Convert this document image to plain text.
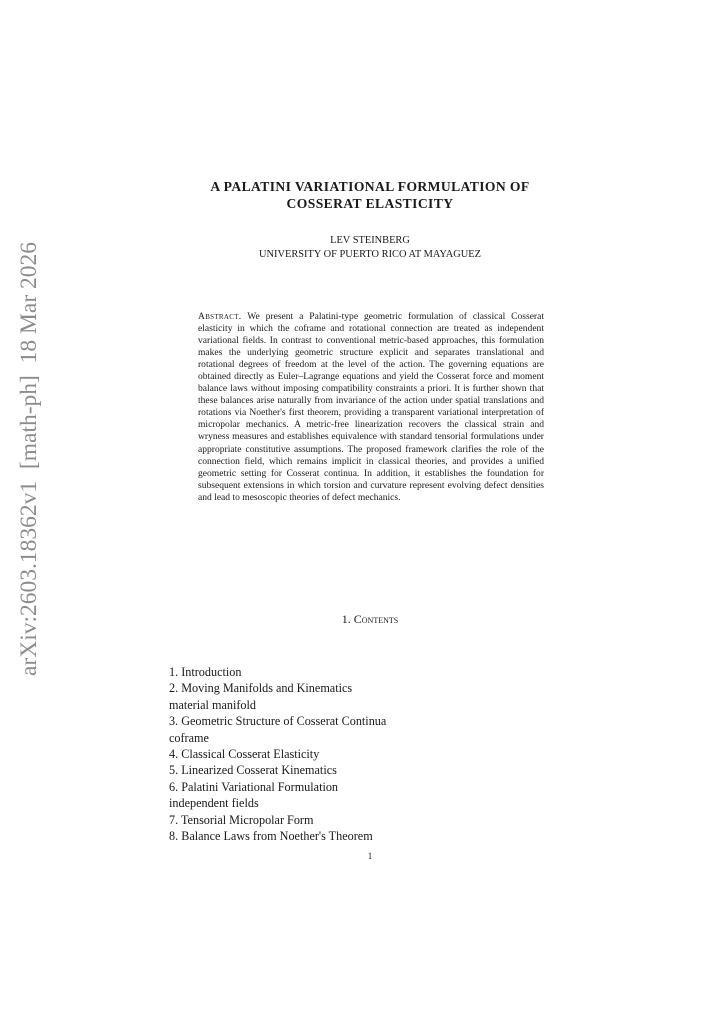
arXiv:2603.18362v1  [math-ph]  18 Mar 2026
A PALATINI VARIATIONAL FORMULATION OF
COSSERAT ELASTICITY
LEV STEINBERG
UNIVERSITY OF PUERTO RICO AT MAYAGUEZ
Abstract. We present a Palatini-type geometric formulation of classical Cosserat elasticity in which the coframe and rotational connection are treated as independent variational fields. In contrast to conventional metric-based approaches, this formulation makes the underlying geometric structure explicit and separates translational and rotational degrees of freedom at the level of the action. The governing equations are obtained directly as Euler–Lagrange equations and yield the Cosserat force and moment balance laws without imposing compatibility constraints a priori. It is further shown that these balances arise naturally from invariance of the action under spatial translations and rotations via Noether's first theorem, providing a transparent variational interpretation of micropolar mechanics. A metric-free linearization recovers the classical strain and wryness measures and establishes equivalence with standard tensorial formulations under appropriate constitutive assumptions. The proposed framework clarifies the role of the connection field, which remains implicit in classical theories, and provides a unified geometric setting for Cosserat continua. In addition, it establishes the foundation for subsequent extensions in which torsion and curvature represent evolving defect densities and lead to mesoscopic theories of defect mechanics.
1. Contents
1. Introduction
2. Moving Manifolds and Kinematics
material manifold
3. Geometric Structure of Cosserat Continua
coframe
4. Classical Cosserat Elasticity
5. Linearized Cosserat Kinematics
6. Palatini Variational Formulation
independent fields
7. Tensorial Micropolar Form
8. Balance Laws from Noether's Theorem
1
